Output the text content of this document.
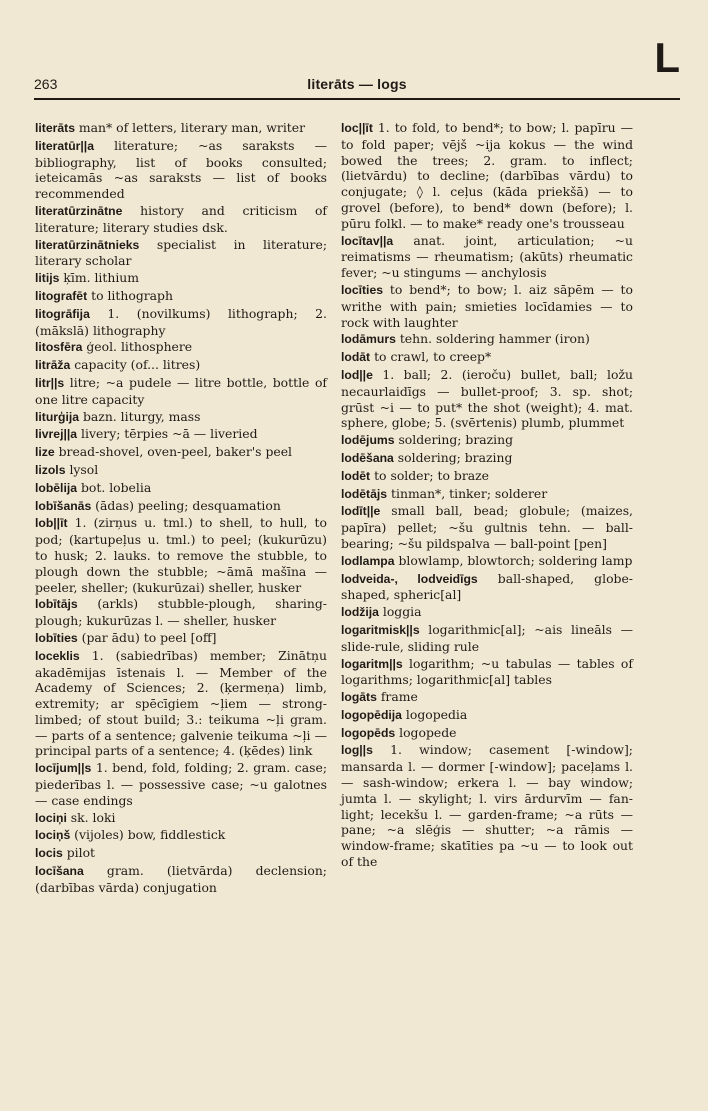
263	literāts — logs
L
literāts man* of letters, literary man, writer
literatūr||a literature; ~as saraksts — bibliography, list of books consulted; ieteicamās ~as saraksts — list of books recommended
literatūrzinātne history and criticism of literature; literary studies dsk.
literatūrzinātnieks specialist in literature; literary scholar
litijs ķīm. lithium
litografēt to lithograph
litogrāfija 1. (novilkums) lithograph; 2. (mākslā) lithography
litosfēra ģeol. lithosphere
litrāža capacity (of... litres)
litr||s litre; ~a pudele — litre bottle, bottle of one litre capacity
liturģija bazn. liturgy, mass
livrej||a livery; tērpies ~ā — liveried
lize bread-shovel, oven-peel, baker's peel
lizols lysol
lobēlija bot. lobelia
lobīšanās (ādas) peeling; desquamation
lob||īt 1. (zirņus u. tml.) to shell, to hull, to pod; (kartupeļus u. tml.) to peel; (kukurūzu) to husk; 2. lauks. to remove the stubble, to plough down the stubble; ~āmā mašīna — peeler, sheller; (kukurūzai) sheller, husker
lobītājs (arkls) stubble-plough, sharing-plough; kukurūzas l. — sheller, husker
lobīties (par ādu) to peel [off]
loceklis 1. (sabiedrības) member; Zinātņu akadēmijas īstenais l. — Member of the Academy of Sciences; 2. (ķermeņa) limb, extremity; ar spēcīgiem ~ļiem — strong-limbed; of stout build; 3.: teikuma ~ļi gram. — parts of a sentence; galvenie teikuma ~ļi — principal parts of a sentence; 4. (ķēdes) link
locījum||s 1. bend, fold, folding; 2. gram. case; piederības l. — possessive case; ~u galotnes — case endings
lociņi sk. loki
lociņš (vijoles) bow, fiddlestick
locis pilot
locīšana gram. (lietvārda) declension; (darbības vārda) conjugation
loc||īt 1. to fold, to bend*; to bow; l. papīru — to fold paper; vējš ~ija kokus — the wind bowed the trees; 2. gram. to inflect; (lietvārdu) to decline; (darbības vārdu) to conjugate; ◊ l. ceļus (kāda priekšā) — to grovel (before), to bend* down (before); l. pūru folkl. — to make* ready one's trousseau
locītav||a anat. joint, articulation; ~u reimatisms — rheumatism; (akūts) rheumatic fever; ~u stingums — anchylosis
locīties to bend*; to bow; l. aiz sāpēm — to writhe with pain; smieties locīdamies — to rock with laughter
lodāmurs tehn. soldering hammer (iron)
lodāt to crawl, to creep*
lod||e 1. ball; 2. (ieroču) bullet, ball; ložu necaurlaidīgs — bullet-proof; 3. sp. shot; grūst ~i — to put* the shot (weight); 4. mat. sphere, globe; 5. (svērtenis) plumb, plummet
lodējums soldering; brazing
lodēšana soldering; brazing
lodēt to solder; to braze
lodētājs tinman*, tinker; solderer
lodīt||e small ball, bead; globule; (maizes, papīra) pellet; ~šu gultnis tehn. — ball-bearing; ~šu pildspalva — ball-point [pen]
lodlampa blowlamp, blowtorch; soldering lamp
lodveida-, lodveidīgs ball-shaped, globe-shaped, spheric[al]
lodžija loggia
logaritmisk||s logarithmic[al]; ~ais lineāls — slide-rule, sliding rule
logaritm||s logarithm; ~u tabulas — tables of logarithms; logarithmic[al] tables
logāts frame
logopēdija logopedia
logopēds logopede
log||s 1. window; casement [-window]; mansarda l. — dormer [-window]; paceļams l. — sash-window; erkera l. — bay window; jumta l. — skylight; l. virs ārdurvīm — fan-light; lecekšu l. — garden-frame; ~a rūts — pane; ~a slēģis — shutter; ~a rāmis — window-frame; skatīties pa ~u — to look out of the
